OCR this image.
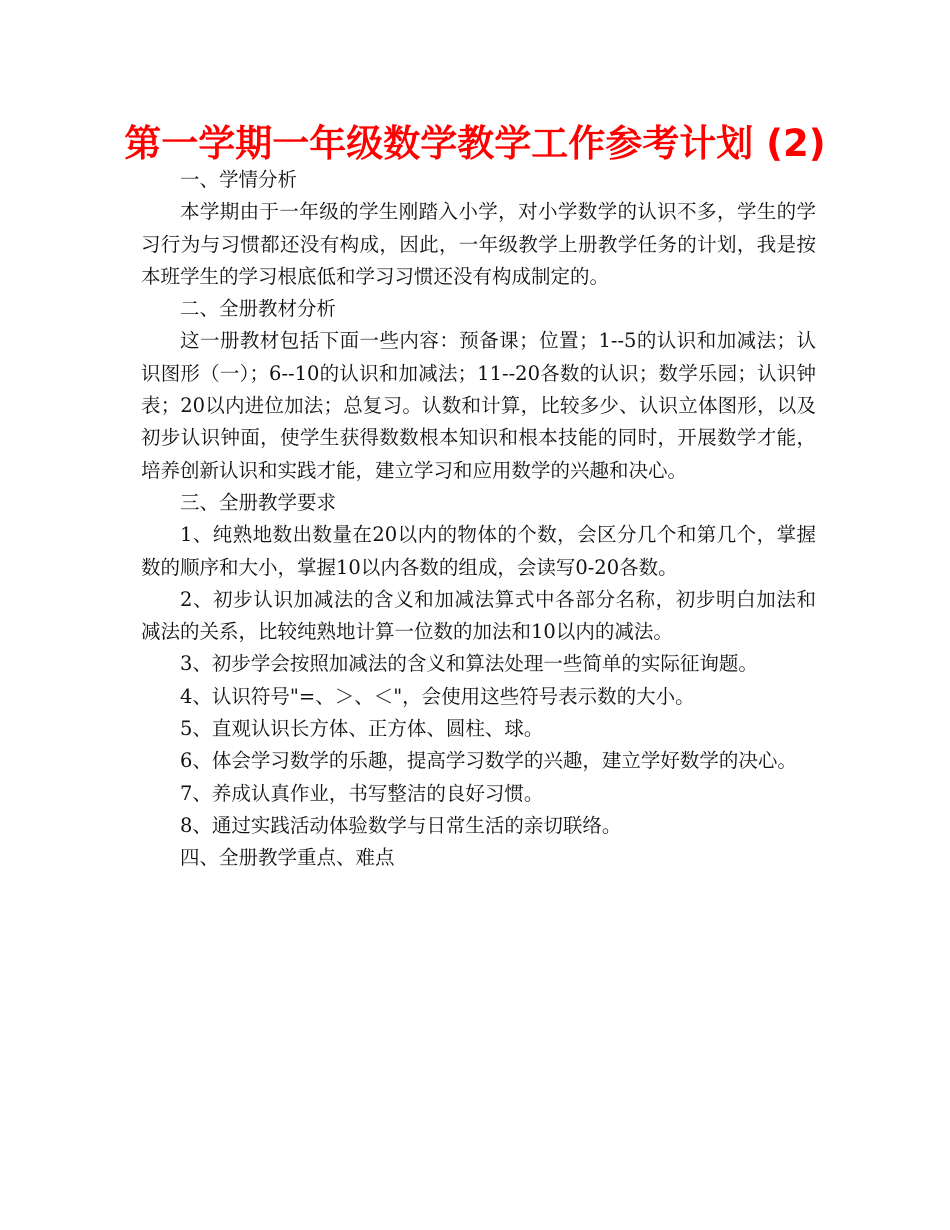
第一学期一年级数学教学工作参考计划 (2)

一、学情分析

本学期由于一年级的学生刚踏入小学，对小学数学的认识不多，学生的学习行为与习惯都还没有构成，因此，一年级教学上册教学任务的计划，我是按本班学生的学习根底低和学习习惯还没有构成制定的。

二、全册教材分析

这一册教材包括下面一些内容：预备课；位置；1--5的认识和加减法；认识图形（一）；6--10的认识和加减法；11--20各数的认识；数学乐园；认识钟表；20以内进位加法；总复习。认数和计算，比较多少、认识立体图形，以及初步认识钟面，使学生获得数数根本知识和根本技能的同时，开展数学才能，培养创新认识和实践才能，建立学习和应用数学的兴趣和决心。

三、全册教学要求

1、纯熟地数出数量在20以内的物体的个数，会区分几个和第几个，掌握数的顺序和大小，掌握10以内各数的组成，会读写0-20各数。

2、初步认识加减法的含义和加减法算式中各部分名称，初步明白加法和减法的关系，比较纯熟地计算一位数的加法和10以内的减法。

3、初步学会按照加减法的含义和算法处理一些简单的实际征询题。

4、认识符号"=、＞、＜"，会使用这些符号表示数的大小。

5、直观认识长方体、正方体、圆柱、球。

6、体会学习数学的乐趣，提高学习数学的兴趣，建立学好数学的决心。

7、养成认真作业，书写整洁的良好习惯。

8、通过实践活动体验数学与日常生活的亲切联络。

四、全册教学重点、难点
